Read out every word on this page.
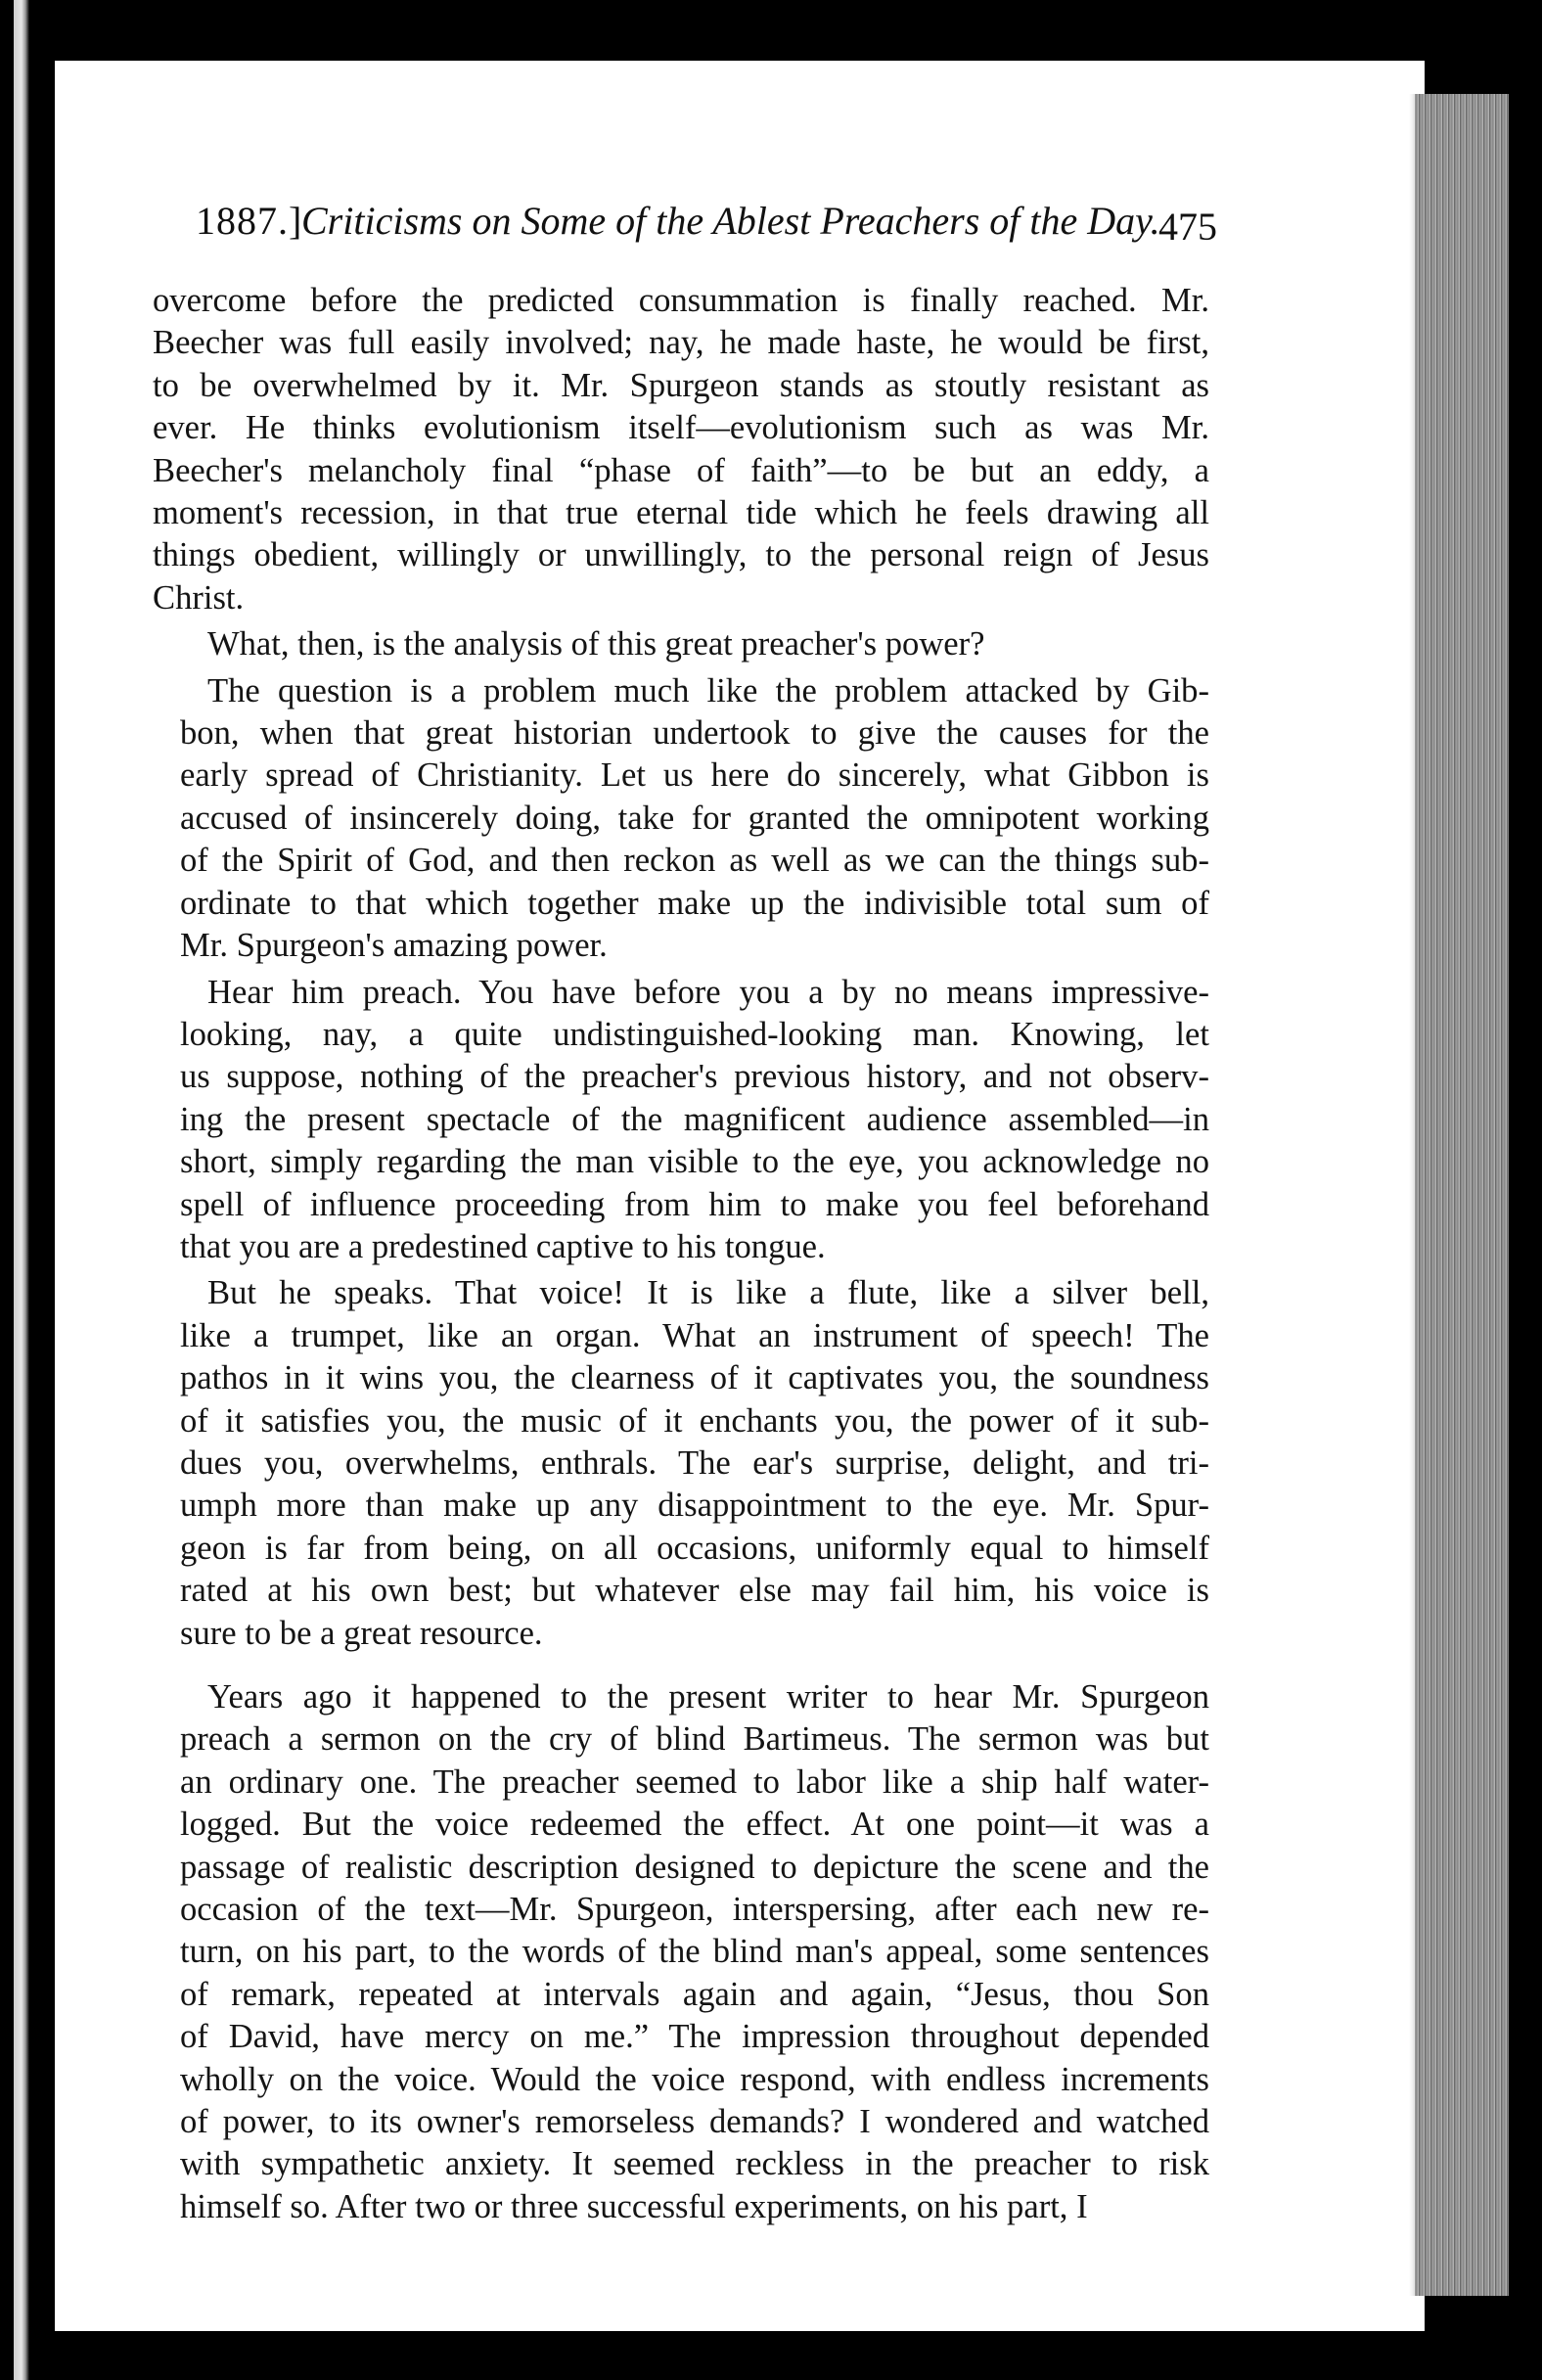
1887.]
Criticisms on Some of the Ablest Preachers of the Day.
475
overcome before the predicted consummation is finally reached. Mr.
Beecher was full easily involved; nay, he made haste, he would be first,
to be overwhelmed by it. Mr. Spurgeon stands as stoutly resistant as
ever. He thinks evolutionism itself—evolutionism such as was Mr.
Beecher's melancholy final “phase of faith”—to be but an eddy, a
moment's recession, in that true eternal tide which he feels drawing all
things obedient, willingly or unwillingly, to the personal reign of Jesus
Christ.
What, then, is the analysis of this great preacher's power?
The question is a problem much like the problem attacked by Gib-
bon, when that great historian undertook to give the causes for the
early spread of Christianity. Let us here do sincerely, what Gibbon is
accused of insincerely doing, take for granted the omnipotent working
of the Spirit of God, and then reckon as well as we can the things sub-
ordinate to that which together make up the indivisible total sum of
Mr. Spurgeon's amazing power.
Hear him preach. You have before you a by no means impressive-
looking, nay, a quite undistinguished-looking man. Knowing, let
us suppose, nothing of the preacher's previous history, and not observ-
ing the present spectacle of the magnificent audience assembled—in
short, simply regarding the man visible to the eye, you acknowledge no
spell of influence proceeding from him to make you feel beforehand
that you are a predestined captive to his tongue.
But he speaks. That voice! It is like a flute, like a silver bell,
like a trumpet, like an organ. What an instrument of speech! The
pathos in it wins you, the clearness of it captivates you, the soundness
of it satisfies you, the music of it enchants you, the power of it sub-
dues you, overwhelms, enthrals. The ear's surprise, delight, and tri-
umph more than make up any disappointment to the eye. Mr. Spur-
geon is far from being, on all occasions, uniformly equal to himself
rated at his own best; but whatever else may fail him, his voice is
sure to be a great resource.
Years ago it happened to the present writer to hear Mr. Spurgeon
preach a sermon on the cry of blind Bartimeus. The sermon was but
an ordinary one. The preacher seemed to labor like a ship half water-
logged. But the voice redeemed the effect. At one point—it was a
passage of realistic description designed to depicture the scene and the
occasion of the text—Mr. Spurgeon, interspersing, after each new re-
turn, on his part, to the words of the blind man's appeal, some sentences
of remark, repeated at intervals again and again, “Jesus, thou Son
of David, have mercy on me.” The impression throughout depended
wholly on the voice. Would the voice respond, with endless increments
of power, to its owner's remorseless demands? I wondered and watched
with sympathetic anxiety. It seemed reckless in the preacher to risk
himself so. After two or three successful experiments, on his part, I
